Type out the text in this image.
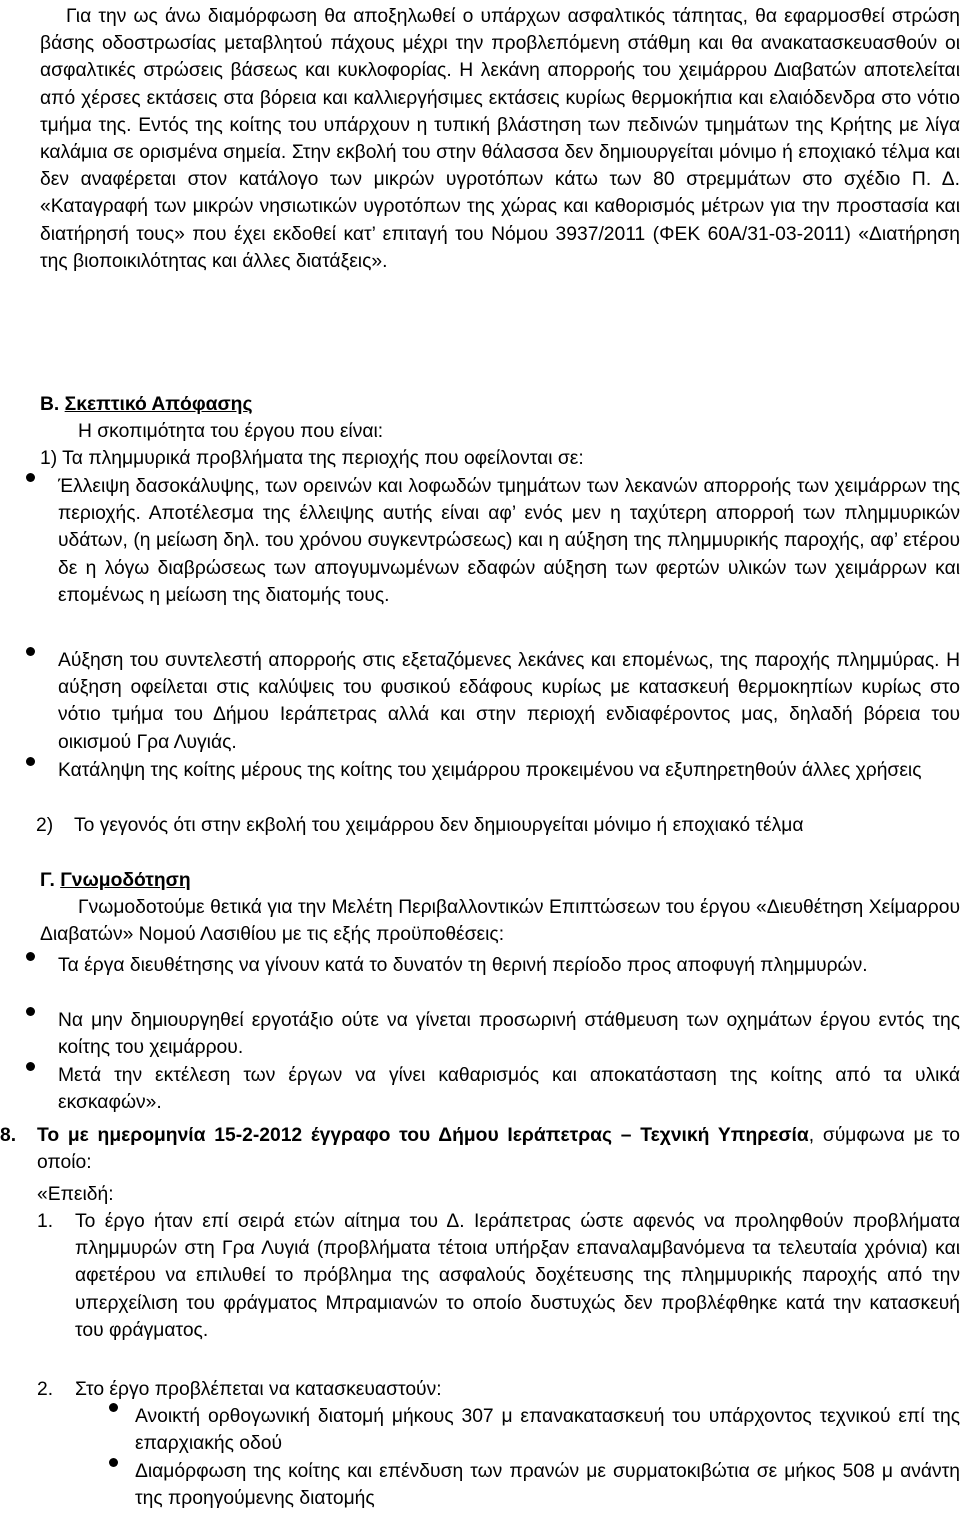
Για την ως άνω διαμόρφωση θα αποξηλωθεί ο υπάρχων ασφαλτικός τάπητας, θα εφαρμοσθεί στρώση βάσης οδοστρωσίας μεταβλητού πάχους μέχρι την προβλεπόμενη στάθμη και θα ανακατασκευασθούν οι ασφαλτικές στρώσεις βάσεως και κυκλοφορίας. Η λεκάνη απορροής του χειμάρρου Διαβατών αποτελείται από χέρσες εκτάσεις στα βόρεια και καλλιεργήσιμες εκτάσεις κυρίως θερμοκήπια και ελαιόδενδρα στο νότιο τμήμα της. Εντός της κοίτης του υπάρχουν η τυπική βλάστηση των πεδινών τμημάτων της Κρήτης με λίγα καλάμια σε ορισμένα σημεία. Στην εκβολή του στην θάλασσα δεν δημιουργείται μόνιμο ή εποχιακό τέλμα και δεν αναφέρεται στον κατάλογο των μικρών υγροτόπων κάτω των 80 στρεμμάτων στο σχέδιο Π. Δ. «Καταγραφή των μικρών νησιωτικών υγροτόπων της χώρας και καθορισμός μέτρων για την προστασία και διατήρησή τους» που έχει εκδοθεί κατ’ επιταγή του Νόμου 3937/2011 (ΦΕΚ 60Α/31-03-2011) «Διατήρηση της βιοποικιλότητας και άλλες διατάξεις».

Β. Σκεπτικό Απόφασης
Η σκοπιμότητα του έργου που είναι:
1) Τα πλημμυρικά προβλήματα της περιοχής που οφείλονται σε:

Έλλειψη δασοκάλυψης, των ορεινών και λοφωδών τμημάτων των λεκανών απορροής των χειμάρρων της περιοχής. Αποτέλεσμα της έλλειψης αυτής είναι αφ’ ενός μεν η ταχύτερη απορροή των πλημμυρικών υδάτων, (η μείωση δηλ. του χρόνου συγκεντρώσεως) και η αύξηση της πλημμυρικής παροχής, αφ’ ετέρου δε η λόγω διαβρώσεως των απογυμνωμένων εδαφών αύξηση των φερτών υλικών των χειμάρρων και επομένως η μείωση της διατομής τους.

Αύξηση του συντελεστή απορροής στις εξεταζόμενες λεκάνες και επομένως, της παροχής πλημμύρας. Η αύξηση οφείλεται στις καλύψεις του φυσικού εδάφους κυρίως με κατασκευή θερμοκηπίων κυρίως στο νότιο τμήμα του Δήμου Ιεράπετρας αλλά και στην περιοχή ενδιαφέροντος μας, δηλαδή βόρεια του οικισμού Γρα Λυγιάς.

Κατάληψη της κοίτης μέρους της κοίτης του χειμάρρου προκειμένου να εξυπηρετηθούν άλλες χρήσεις

2) Το γεγονός ότι στην εκβολή του χειμάρρου δεν δημιουργείται μόνιμο ή εποχιακό τέλμα

Γ. Γνωμοδότηση

Γνωμοδοτούμε θετικά για την Μελέτη Περιβαλλοντικών Επιπτώσεων του έργου «Διευθέτηση Χείμαρρου Διαβατών» Νομού Λασιθίου με τις εξής προϋποθέσεις:

Τα έργα διευθέτησης να γίνουν κατά το δυνατόν τη θερινή περίοδο προς αποφυγή πλημμυρών.

Να μην δημιουργηθεί εργοτάξιο ούτε να γίνεται προσωρινή στάθμευση των οχημάτων έργου εντός της κοίτης του χειμάρρου.

Μετά την εκτέλεση των έργων να γίνει καθαρισμός και αποκατάσταση της κοίτης από τα υλικά εκσκαφών».

8. Το με ημερομηνία 15-2-2012 έγγραφο του Δήμου Ιεράπετρας – Τεχνική Υπηρεσία, σύμφωνα με το οποίο:

«Επειδή:
1. Το έργο ήταν επί σειρά ετών αίτημα του Δ. Ιεράπετρας ώστε αφενός να προληφθούν προβλήματα πλημμυρών στη Γρα Λυγιά (προβλήματα τέτοια υπήρξαν επαναλαμβανόμενα τα τελευταία χρόνια) και αφετέρου να επιλυθεί το πρόβλημα της ασφαλούς δοχέτευσης της πλημμυρικής παροχής από την υπερχείλιση του φράγματος Μπραμιανών το οποίο δυστυχώς δεν προβλέφθηκε κατά την κατασκευή του φράγματος.

2. Στο έργο προβλέπεται να κατασκευαστούν:

Ανοικτή ορθογωνική διατομή μήκους 307 μ επανακατασκευή του υπάρχοντος τεχνικού επί της επαρχιακής οδού

Διαμόρφωση της κοίτης και επένδυση των πρανών με συρματοκιβώτια σε μήκος 508 μ ανάντη της προηγούμενης διατομής
